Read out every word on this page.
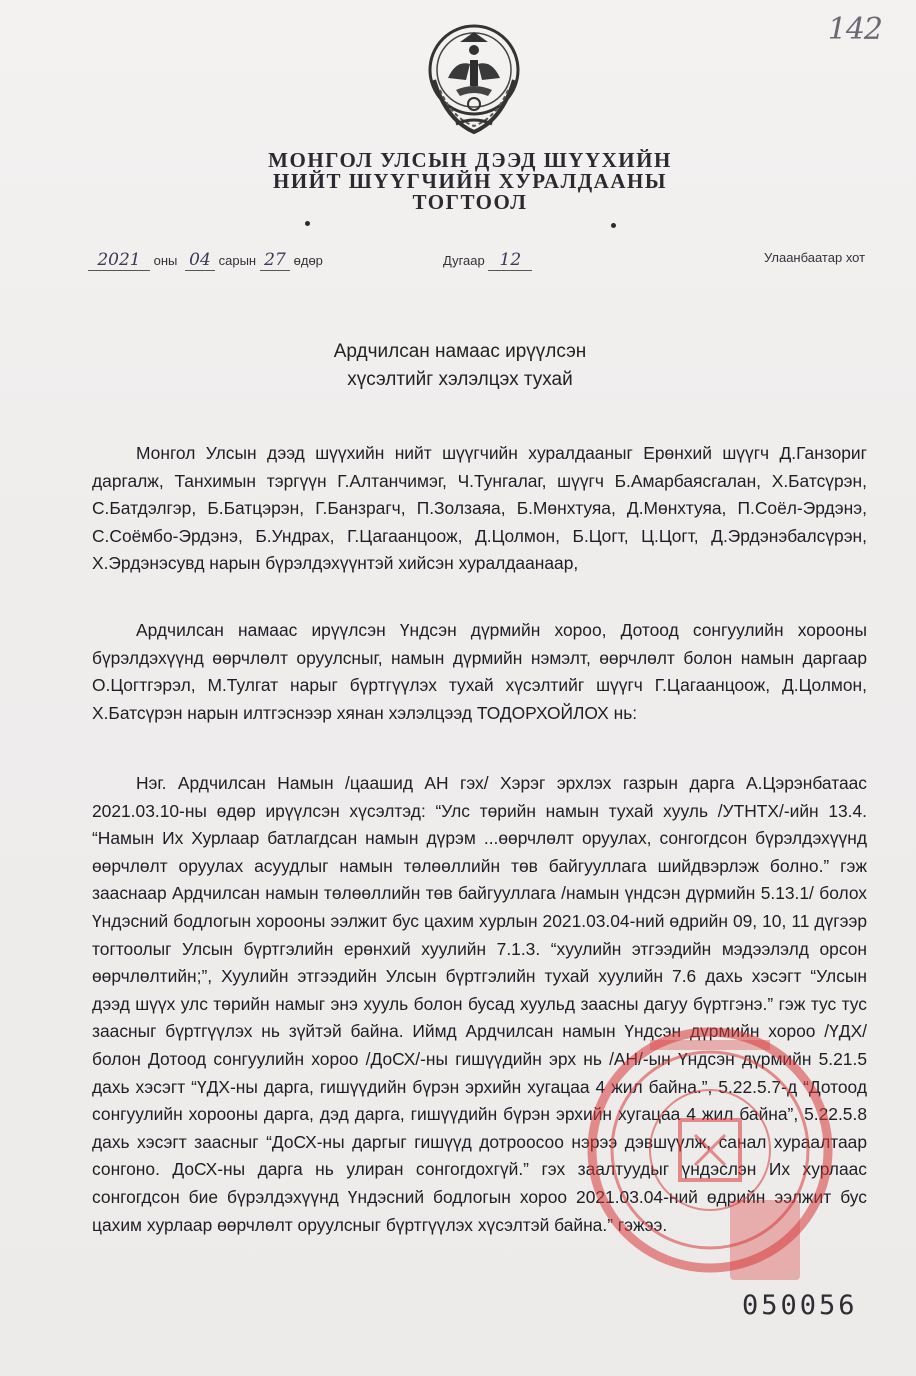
142
МОНГОЛ УЛСЫН ДЭЭД ШҮҮХИЙН
НИЙТ ШҮҮГЧИЙН ХУРАЛДААНЫ
ТОГТООЛ
2021 оны 04 сарын 27 өдөр	Дугаар 12	Улаанбаатар хот
Ардчилсан намаас ирүүлсэн
хүсэлтийг хэлэлцэх тухай

Монгол Улсын дээд шүүхийн нийт шүүгчийн хуралдааныг Ерөнхий шүүгч Д.Ганзориг даргалж, Танхимын тэргүүн Г.Алтанчимэг, Ч.Тунгалаг, шүүгч Б.Амарбаясгалан, Х.Батсүрэн, С.Батдэлгэр, Б.Батцэрэн, Г.Банзрагч, П.Золзаяа, Б.Мөнхтуяа, Д.Мөнхтуяа, П.Соёл-Эрдэнэ, С.Соёмбо-Эрдэнэ, Б.Ундрах, Г.Цагаанцоож, Д.Цолмон, Б.Цогт, Ц.Цогт, Д.Эрдэнэбалсүрэн, Х.Эрдэнэсувд нарын бүрэлдэхүүнтэй хийсэн хуралдаанаар,

Ардчилсан намаас ирүүлсэн Үндсэн дүрмийн хороо, Дотоод сонгуулийн хорооны бүрэлдэхүүнд өөрчлөлт оруулсныг, намын дүрмийн нэмэлт, өөрчлөлт болон намын даргаар О.Цогтгэрэл, М.Тулгат нарыг бүртгүүлэх тухай хүсэлтийг шүүгч Г.Цагаанцоож, Д.Цолмон, Х.Батсүрэн нарын илтгэснээр хянан хэлэлцээд ТОДОРХОЙЛОХ нь:

Нэг. Ардчилсан Намын /цаашид АН гэх/ Хэрэг эрхлэх газрын дарга А.Цэрэнбатаас 2021.03.10-ны өдөр ирүүлсэн хүсэлтэд: “Улс төрийн намын тухай хууль /УТНТХ/-ийн 13.4. “Намын Их Хурлаар батлагдсан намын дүрэм ...өөрчлөлт оруулах, сонгогдсон бүрэлдэхүүнд өөрчлөлт оруулах асуудлыг намын төлөөллийн төв байгууллага шийдвэрлэж болно.” гэж зааснаар Ардчилсан намын төлөөллийн төв байгууллага /намын үндсэн дүрмийн 5.13.1/ болох Үндэсний бодлогын хорооны ээлжит бус цахим хурлын 2021.03.04-ний өдрийн 09, 10, 11 дүгээр тогтоолыг Улсын бүртгэлийн ерөнхий хуулийн 7.1.3. “хуулийн этгээдийн мэдээлэлд орсон өөрчлөлтийн;”, Хуулийн этгээдийн Улсын бүртгэлийн тухай хуулийн 7.6 дахь хэсэгт “Улсын дээд шүүх улс төрийн намыг энэ хууль болон бусад хуульд заасны дагуу бүртгэнэ.” гэж тус тус заасныг бүртгүүлэх нь зүйтэй байна. Иймд Ардчилсан намын Үндсэн дүрмийн хороо /ҮДХ/ болон Дотоод сонгуулийн хороо /ДоСХ/-ны гишүүдийн эрх нь /АН/-ын Үндсэн дүрмийн 5.21.5 дахь хэсэгт “ҮДХ-ны дарга, гишүүдийн бүрэн эрхийн хугацаа 4 жил байна.”, 5.22.5.7-д “Дотоод сонгуулийн хорооны дарга, дэд дарга, гишүүдийн бүрэн эрхийн хугацаа 4 жил байна”, 5.22.5.8 дахь хэсэгт заасныг “ДоСХ-ны даргыг гишүүд дотроосоо нэрээ дэвшүүлж, санал хураалтаар сонгоно. ДоСХ-ны дарга нь улиран сонгогдохгүй.” гэх заалтуудыг үндэслэн Их хурлаас сонгогдсон бие бүрэлдэхүүнд Үндэсний бодлогын хороо 2021.03.04-ний өдрийн ээлжит бус цахим хурлаар өөрчлөлт оруулсныг бүртгүүлэх хүсэлтэй байна.” гэжээ.

050056
